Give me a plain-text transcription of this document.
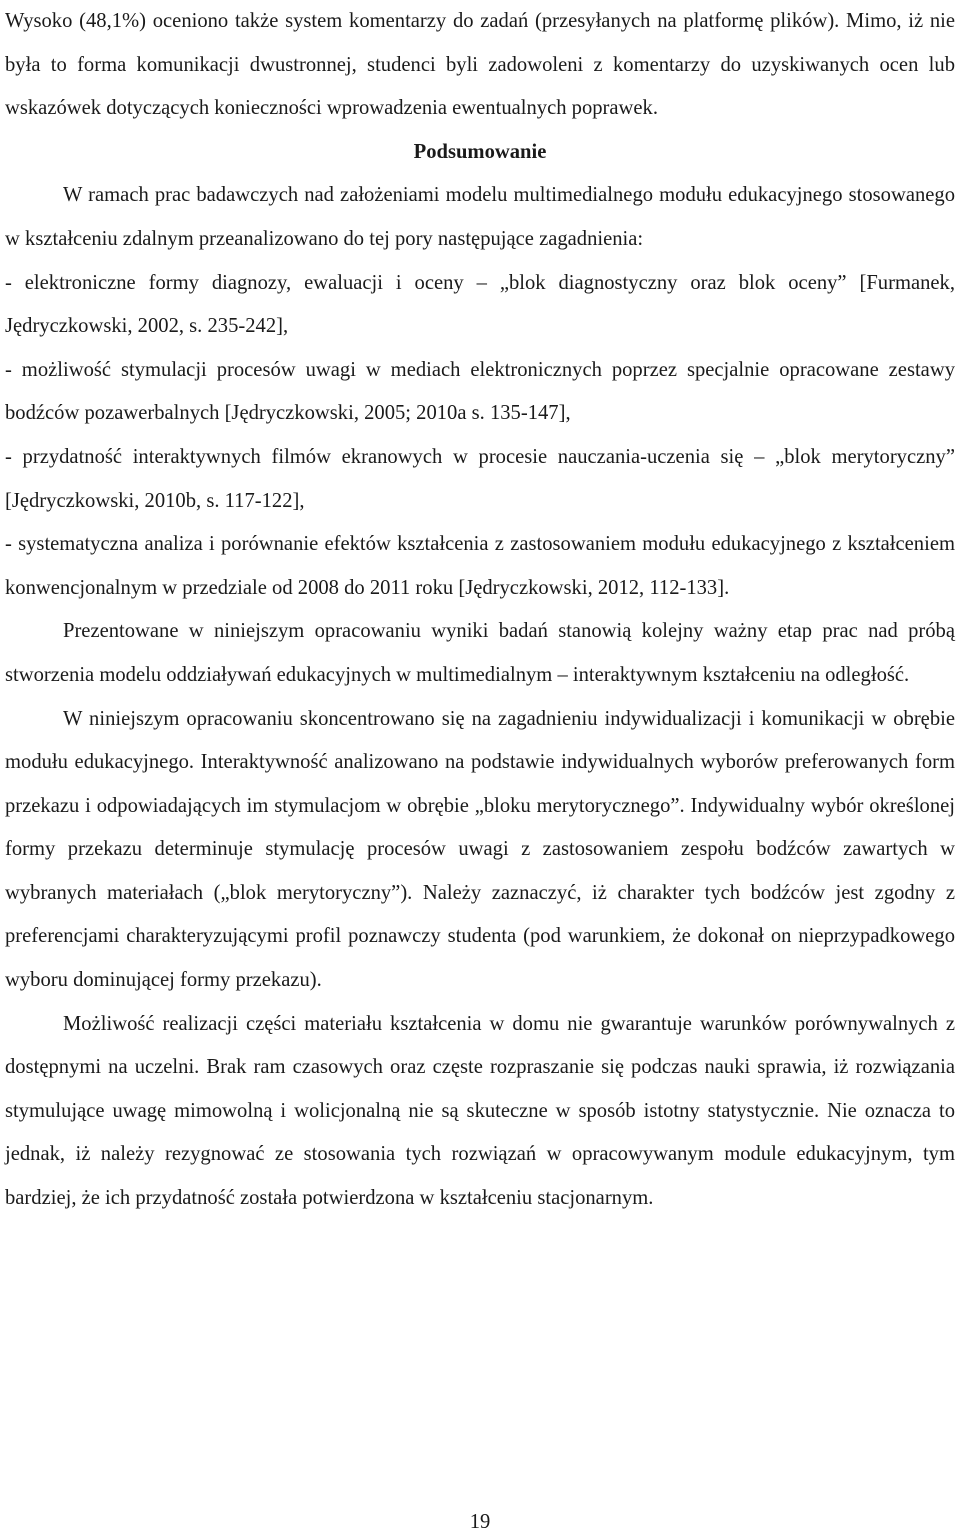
Wysoko (48,1%) oceniono także system komentarzy do zadań (przesyłanych na platformę plików). Mimo, iż nie była to forma komunikacji dwustronnej, studenci byli zadowoleni z komentarzy do uzyskiwanych ocen lub wskazówek dotyczących konieczności wprowadzenia ewentualnych poprawek.

Podsumowanie

W ramach prac badawczych nad założeniami modelu multimedialnego modułu edukacyjnego stosowanego w kształceniu zdalnym przeanalizowano do tej pory następujące zagadnienia:

- elektroniczne formy diagnozy, ewaluacji i oceny – „blok diagnostyczny oraz blok oceny” [Furmanek, Jędryczkowski, 2002, s. 235-242],

- możliwość stymulacji procesów uwagi w mediach elektronicznych poprzez specjalnie opracowane zestawy bodźców pozawerbalnych [Jędryczkowski, 2005; 2010a s. 135-147],

- przydatność interaktywnych filmów ekranowych w procesie nauczania-uczenia się – „blok merytoryczny” [Jędryczkowski, 2010b, s. 117-122],

- systematyczna analiza i porównanie efektów kształcenia z zastosowaniem modułu edukacyjnego z kształceniem konwencjonalnym w przedziale od 2008 do 2011 roku [Jędryczkowski, 2012, 112-133].

Prezentowane w niniejszym opracowaniu wyniki badań stanowią kolejny ważny etap prac nad próbą stworzenia modelu oddziaływań edukacyjnych w multimedialnym – interaktywnym kształceniu na odległość.

W niniejszym opracowaniu skoncentrowano się na zagadnieniu indywidualizacji i komunikacji w obrębie modułu edukacyjnego. Interaktywność analizowano na podstawie indywidualnych wyborów preferowanych form przekazu i odpowiadających im stymulacjom w obrębie „bloku merytorycznego”. Indywidualny wybór określonej formy przekazu determinuje stymulację procesów uwagi z zastosowaniem zespołu bodźców zawartych w wybranych materiałach („blok merytoryczny”). Należy zaznaczyć, iż charakter tych bodźców jest zgodny z preferencjami charakteryzującymi profil poznawczy studenta (pod warunkiem, że dokonał on nieprzypadkowego wyboru dominującej formy przekazu).

Możliwość realizacji części materiału kształcenia w domu nie gwarantuje warunków porównywalnych z dostępnymi na uczelni. Brak ram czasowych oraz częste rozpraszanie się podczas nauki sprawia, iż rozwiązania stymulujące uwagę mimowolną i wolicjonalną nie są skuteczne w sposób istotny statystycznie. Nie oznacza to jednak, iż należy rezygnować ze stosowania tych rozwiązań w opracowywanym module edukacyjnym, tym bardziej, że ich przydatność została potwierdzona w kształceniu stacjonarnym.

19
